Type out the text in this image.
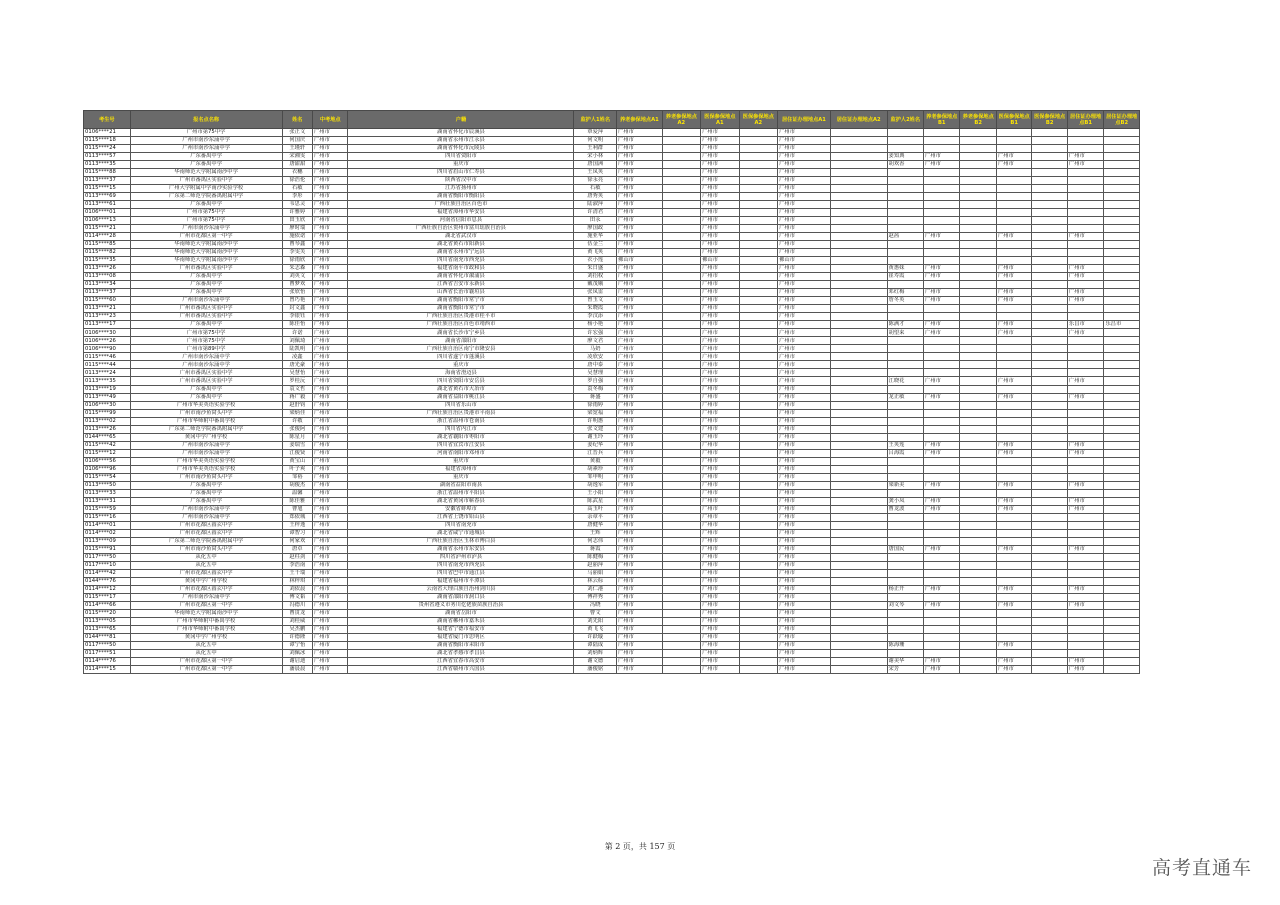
考生号	报名点名称	姓名	中考地点	户籍	监护人1姓名	养老参保地点A1	养老参保地点A2	医保参保地点A1	医保参保地点A2	居住证办理地点A1	居住证办理地点A2	监护人2姓名	养老参保地点B1	养老参保地点B2	医保参保地点B1	医保参保地点B2	居住证办理地点B1	居住证办理地点B2
0106****21	广州市第75中学	张正文	广州市	湖南省怀化市辰溪县	覃爱萍	广州市		广州市		广州市								
0115****18	广州市南沙东涌中学	何国庆	广州市	湖南省永州市江永县	何文明	广州市		广州市		广州市								
0115****24	广州市南沙东涌中学	王瑾轩	广州市	湖南省怀化市沅陵县	王利群	广州市		广州市		广州市								
0113****57	广东番禺中学	宋湘雯	广州市	四川省资阳市	宋小林	广州市		广州市		广州市		姜知典	广州市		广州市		广州市	
0113****35	广东番禺中学	唐甜甜	广州市	重庆市	唐国洲	广州市		广州市		广州市		胡欢香	广州市		广州市		广州市	
0115****88	华南师范大学附属南沙中学	衣穗	广州市	四川省眉山市仁寿县	王凤英	广州市		广州市		广州市								
0113****37	广州市番禺区实验中学	徐浩伦	广州市	陕西省汉中市	徐永亮	广州市		广州市		广州市								
0115****15	广州大学附属中学南沙实验学校	石敏	广州市	江苏省扬州市	石敏	广州市		广州市		广州市								
0113****69	广东第二师范学院番禺附属中学	李彤	广州市	湖南省衡阳市衡阳县	唐秀英	广州市		广州市		广州市								
0113****61	广东番禺中学	韦思灵	广州市	广西壮族自治区百色市	陆淑萍	广州市		广州市		广州市								
0106****01	广州市第75中学	许雅婷	广州市	福建省漳州市华安县	许清君	广州市		广州市		广州市								
0106****13	广州市第75中学	田玉欣	广州市	河南省信阳市息县	田永	广州市		广州市		广州市								
0115****21	广州市南沙东涌中学	廖时瑞	广州市	广西壮族自治区贺州市富川瑶族自治县	廖国政	广州市		广州市		广州市								
0114****28	广州市花都区第一中学	施依诺	广州市	湖北省武汉市	施亚华	广州市		广州市		广州市		赵茜	广州市		广州市		广州市	
0115****85	华南师范大学附属南沙中学	曹琴鑫	广州市	湖北省黄石市阳新县	伍金兰	广州市		广州市		广州市								
0115****82	华南师范大学附属南沙中学	李雯芙	广州市	湖南省永州市宁远县	黄飞英	广州市		广州市		广州市								
0115****35	华南师范大学附属南沙中学	徐雨欣	广州市	四川省南充市西充县	衣小莲	佛山市		佛山市		佛山市								
0113****26	广州市番禺区实验中学	朱志森	广州市	福建省南平市政和县	朱日盛	广州市		广州市		广州市		黄惠妹	广州市		广州市		广州市	
0113****08	广东番禺中学	刘英文	广州市	湖南省怀化市溆浦县	刘招权	广州市		广州市		广州市		崔寿霞	广州市		广州市		广州市	
0113****34	广东番禺中学	曹梦欢	广州市	江西省吉安市永新县	戴茂娥	广州市		广州市		广州市								
0113****37	广东番禺中学	张欣怡	广州市	山西省长治市襄垣县	张凤雷	广州市		广州市		广州市		邓红梅	广州市		广州市		广州市	
0115****60	广州市南沙东涌中学	曾巧艳	广州市	湖南省衡阳市常宁市	曾玉文	广州市		广州市		广州市		詹冬英	广州市		广州市		广州市	
0113****21	广州市番禺区实验中学	封文鑫	广州市	湖南省衡阳市常宁市	朱晓霞	广州市		广州市		广州市								
0113****23	广州市番禺区实验中学	李银钰	广州市	广西壮族自治区贵港市桂平市	李汉添	广州市		广州市		广州市								
0113****17	广东番禺中学	陈佳怡	广州市	广西壮族自治区百色市靖西市	杨小艳	广州市		广州市		广州市		陈满才	广州市		广州市		乐昌市	乐昌市
0106****30	广州市第75中学	许诺	广州市	湖南省长沙市宁乡县	许宏强	广州市		广州市		广州市		胡望来	广州市		广州市		广州市	
0106****26	广州市第75中学	刘佩琦	广州市	湖南省邵阳市	廖文君	广州市		广州市		广州市								
0106****90	广州市第89中学	陆凯明	广州市	广西壮族自治区南宁市隆安县	马奶	广州市		广州市		广州市								
0115****46	广州市南沙东涌中学	凌鑫	广州市	四川省遂宁市蓬溪县	凌欣安	广州市		广州市		广州市								
0115****44	广州市南沙东涌中学	唐光豪	广州市	重庆市	唐中泰	广州市		广州市		广州市								
0113****24	广州市番禺区实验中学	吴慧怡	广州市	海南省澄迈县	吴慧理	广州市		广州市		广州市								
0113****35	广州市番禺区实验中学	罗桂沅	广州市	四川省资阳市安岳县	罗自强	广州市		广州市		广州市		江晓花	广州市		广州市		广州市	
0113****19	广东番禺中学	袁文哲	广州市	湖北省黄石市大冶市	袁冬梅	广州市		广州市		广州市								
0113****49	广东番禺中学	蒋广毅	广州市	湖南省益阳市桃江县	蒋盛	广州市		广州市		广州市		龙正敏	广州市		广州市		广州市	
0106****30	广州市华美英语实验学校	赵舒钧	广州市	四川省乐山市	徐雨婷	广州市		广州市		广州市								
0115****99	广州市南沙鱼窝头中学	梁炳佳	广州市	广西壮族自治区贵港市平南县	梁宽福	广州市		广州市		广州市								
0113****02	广州市华师附中番禺学校	许敬	广州市	浙江省温州市苍南县	许明惠	广州市		广州市		广州市								
0113****26	广东第二师范学院番禺附属中学	张俊阿	广州市	四川省内江市	张文建	广州市		广州市		广州市								
0144****65	黄冈中学广州学校	陈星月	广州市	湖北省襄阳市枣阳市	谢玉玲	广州市		广州市		广州市								
0115****42	广州市南沙东涌中学	姜瑞雪	广州市	四川省宜宾市江安县	姜纪华	广州市		广州市		广州市		王英莲	广州市		广州市		广州市	
0115****12	广州市南沙东涌中学	江俊贤	广州市	河南省南阳市邓州市	江晋兵	广州市		广州市		广州市		吕海霞	广州市		广州市		广州市	
0106****56	广州市华美英语实验学校	黄宝山	广州市	重庆市	黄毅	广州市		广州市		广州市								
0106****96	广州市华美英语实验学校	叶子爽	广州市	福建省漳州市	胡素珍	广州市		广州市		广州市								
0115****54	广州市南沙鱼窝头中学	邹裕	广州市	重庆市	邹申明	广州市		广州市		广州市								
0113****50	广东番禺中学	胡俊杰	广州市	湖南省益阳市南县	胡逸军	广州市		广州市		广州市		梁新美	广州市		广州市		广州市	
0113****33	广东番禺中学	温馨	广州市	浙江省温州市平阳县	王小阳	广州市		广州市		广州市								
0113****31	广东番禺中学	陈佳雅	广州市	湖北省黄冈市蕲春县	陈武星	广州市		广州市		广州市		龚小凤	广州市		广州市		广州市	
0115****59	广州市南沙东涌中学	曹旭	广州市	安徽省蚌埠市	高玉叶	广州市		广州市		广州市		曹龙波	广州市		广州市		广州市	
0115****16	广州市南沙东涌中学	郑依城	广州市	江西省上饶市铅山县	余章平	广州市		广州市		广州市								
0114****01	广州市花都区圆玄中学	王梓逸	广州市	四川省南充市	唐健华	广州市		广州市		广州市								
0114****02	广州市花都区圆玄中学	谭智习	广州市	湖北省咸宁市通城县	王辉	广州市		广州市		广州市								
0113****09	广东第二师范学院番禺附属中学	何家欢	广州市	广西壮族自治区玉林市博白县	何志伟	广州市		广州市		广州市								
0115****91	广州市南沙鱼窝头中学	唐卓	广州市	湖南省永州市东安县	蒋霞	广州市		广州市		广州市		唐国民	广州市		广州市		广州市	
0117****50	从化五中	赵柱剑	广州市	四川省泸州市泸县	陈健梅	广州市		广州市		广州市								
0117****10	从化五中	李浩南	广州市	四川省南充市西充县	赵丽萍	广州市		广州市		广州市								
0114****42	广州市花都区圆玄中学	王千瑞	广州市	四川省巴中市通江县	马丽娟	广州市		广州市		广州市								
0144****76	黄冈中学广州学校	林梓琪	广州市	福建省福州市平潭县	林云标	广州市		广州市		广州市								
0114****12	广州市花都区圆玄中学	刘依晨	广州市	云南省大理白族自治州剑川县	刘仁港	广州市		广州市		广州市		杨正开	广州市		广州市		广州市	
0115****17	广州市南沙东涌中学	傅文韬	广州市	湖南省邵阳市洞口县	傅祥秀	广州市		广州市		广州市								
0114****66	广州市花都区第一中学	冯德川	广州市	贵州省遵义市务川仡佬族苗族自治县	冯晓	广州市		广州市		广州市		刘文琴	广州市		广州市		广州市	
0115****20	华南师范大学附属南沙中学	曹贯龙	广州市	湖南省岳阳市	曹文	广州市		广州市		广州市								
0113****05	广州市华师附中番禺学校	刘桂威	广州市	湖南省郴州市嘉禾县	刘先阳	广州市		广州市		广州市								
0113****65	广州市华师附中番禺学校	吴杰鹏	广州市	福建省宁德市福安市	黄飞飞	广州市		广州市		广州市								
0144****81	黄冈中学广州学校	许德隆	广州市	福建省厦门市思明区	许跃璇	广州市		广州市		广州市								
0117****50	从化五中	谭宁怡	广州市	湖南省衡阳市耒阳市	谭陆成	广州市		广州市		广州市		陈海珊			广州市			
0117****51	从化五中	刘佩冰	广州市	湖北省孝感市孝昌县	刘炳辉	广州市		广州市		广州市								
0114****76	广州市花都区第一中学	谢启迪	广州市	江西省宜春市高安市	谢文德	广州市		广州市		广州市		谢美华	广州市		广州市		广州市	
0114****15	广州市花都区第一中学	潘晨晨	广州市	江西省赣州市兴国县	潘俊铭	广州市		广州市		广州市		宋芳	广州市		广州市		广州市	
第 2 页，共 157 页
高考直通车
